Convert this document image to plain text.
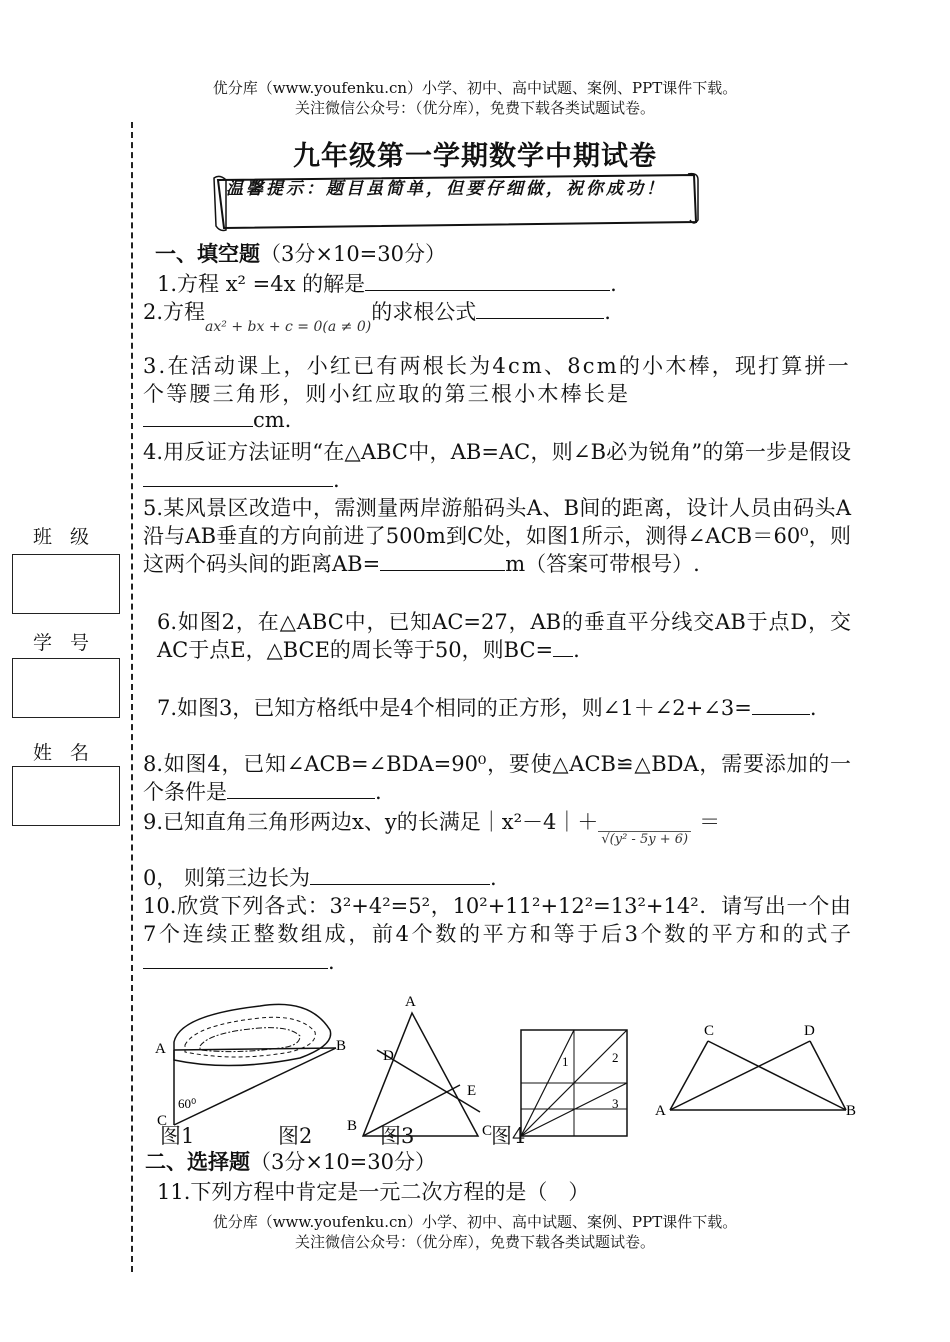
优分库（www.youfenku.cn）小学、初中、高中试题、案例、PPT课件下载。
关注微信公众号：（优分库），免费下载各类试题试卷。
班 级
学 号
姓 名
九年级第一学期数学中期试卷
温馨提示：题目虽简单，但要仔细做，祝你成功！
一、填空题（3分×10=30分）
1.方程 x² =4x 的解是	.
2.方程$_{ax^2 + bx + c = 0(a \ne 0)}$的求根公式	.
3.在活动课上，小红已有两根长为4cm、8cm的小木棒，现打算拼一个等腰三角形，则小红应取的第三根小木棒长是
cm.
4.用反证方法证明“在△ABC中，AB=AC，则∠B必为锐角”的第一步是假设.
5.某风景区改造中，需测量两岸游船码头A、B间的距离，设计人员由码头A沿与AB垂直的方向前进了500m到C处，如图1所示，测得∠ACB＝60⁰，则这两个码头间的距离AB=	m（答案可带根号）.
6.如图2，在△ABC中，已知AC=27，AB的垂直平分线交AB于点D，交AC于点E，△BCE的周长等于50，则BC= .
7.如图3，已知方格纸中是4个相同的正方形，则∠1＋∠2+∠3=	.
8.如图4，已知∠ACB=∠BDA=90⁰，要使△ACB≌△BDA，需要添加的一个条件是	.
9.已知直角三角形两边x、y的长满足$|x^2-4|+_{√(y^2 - 5y + 6)}=$
0， 则第三边长为	.
10.欣赏下列各式：3²+4²=5²，10²+11²+12²=13²+14²．请写出一个由7个连续正整数组成，前4个数的平方和等于后3个数的平方和的式子.
A	B
C
60⁰
A
D
E
B	C
1	2
3
C	D
A	B
图1	图2	图3	图4
二、选择题（3分×10=30分）
11.下列方程中肯定是一元二次方程的是（　）
优分库（www.youfenku.cn）小学、初中、高中试题、案例、PPT课件下载。
关注微信公众号：（优分库），免费下载各类试题试卷。
